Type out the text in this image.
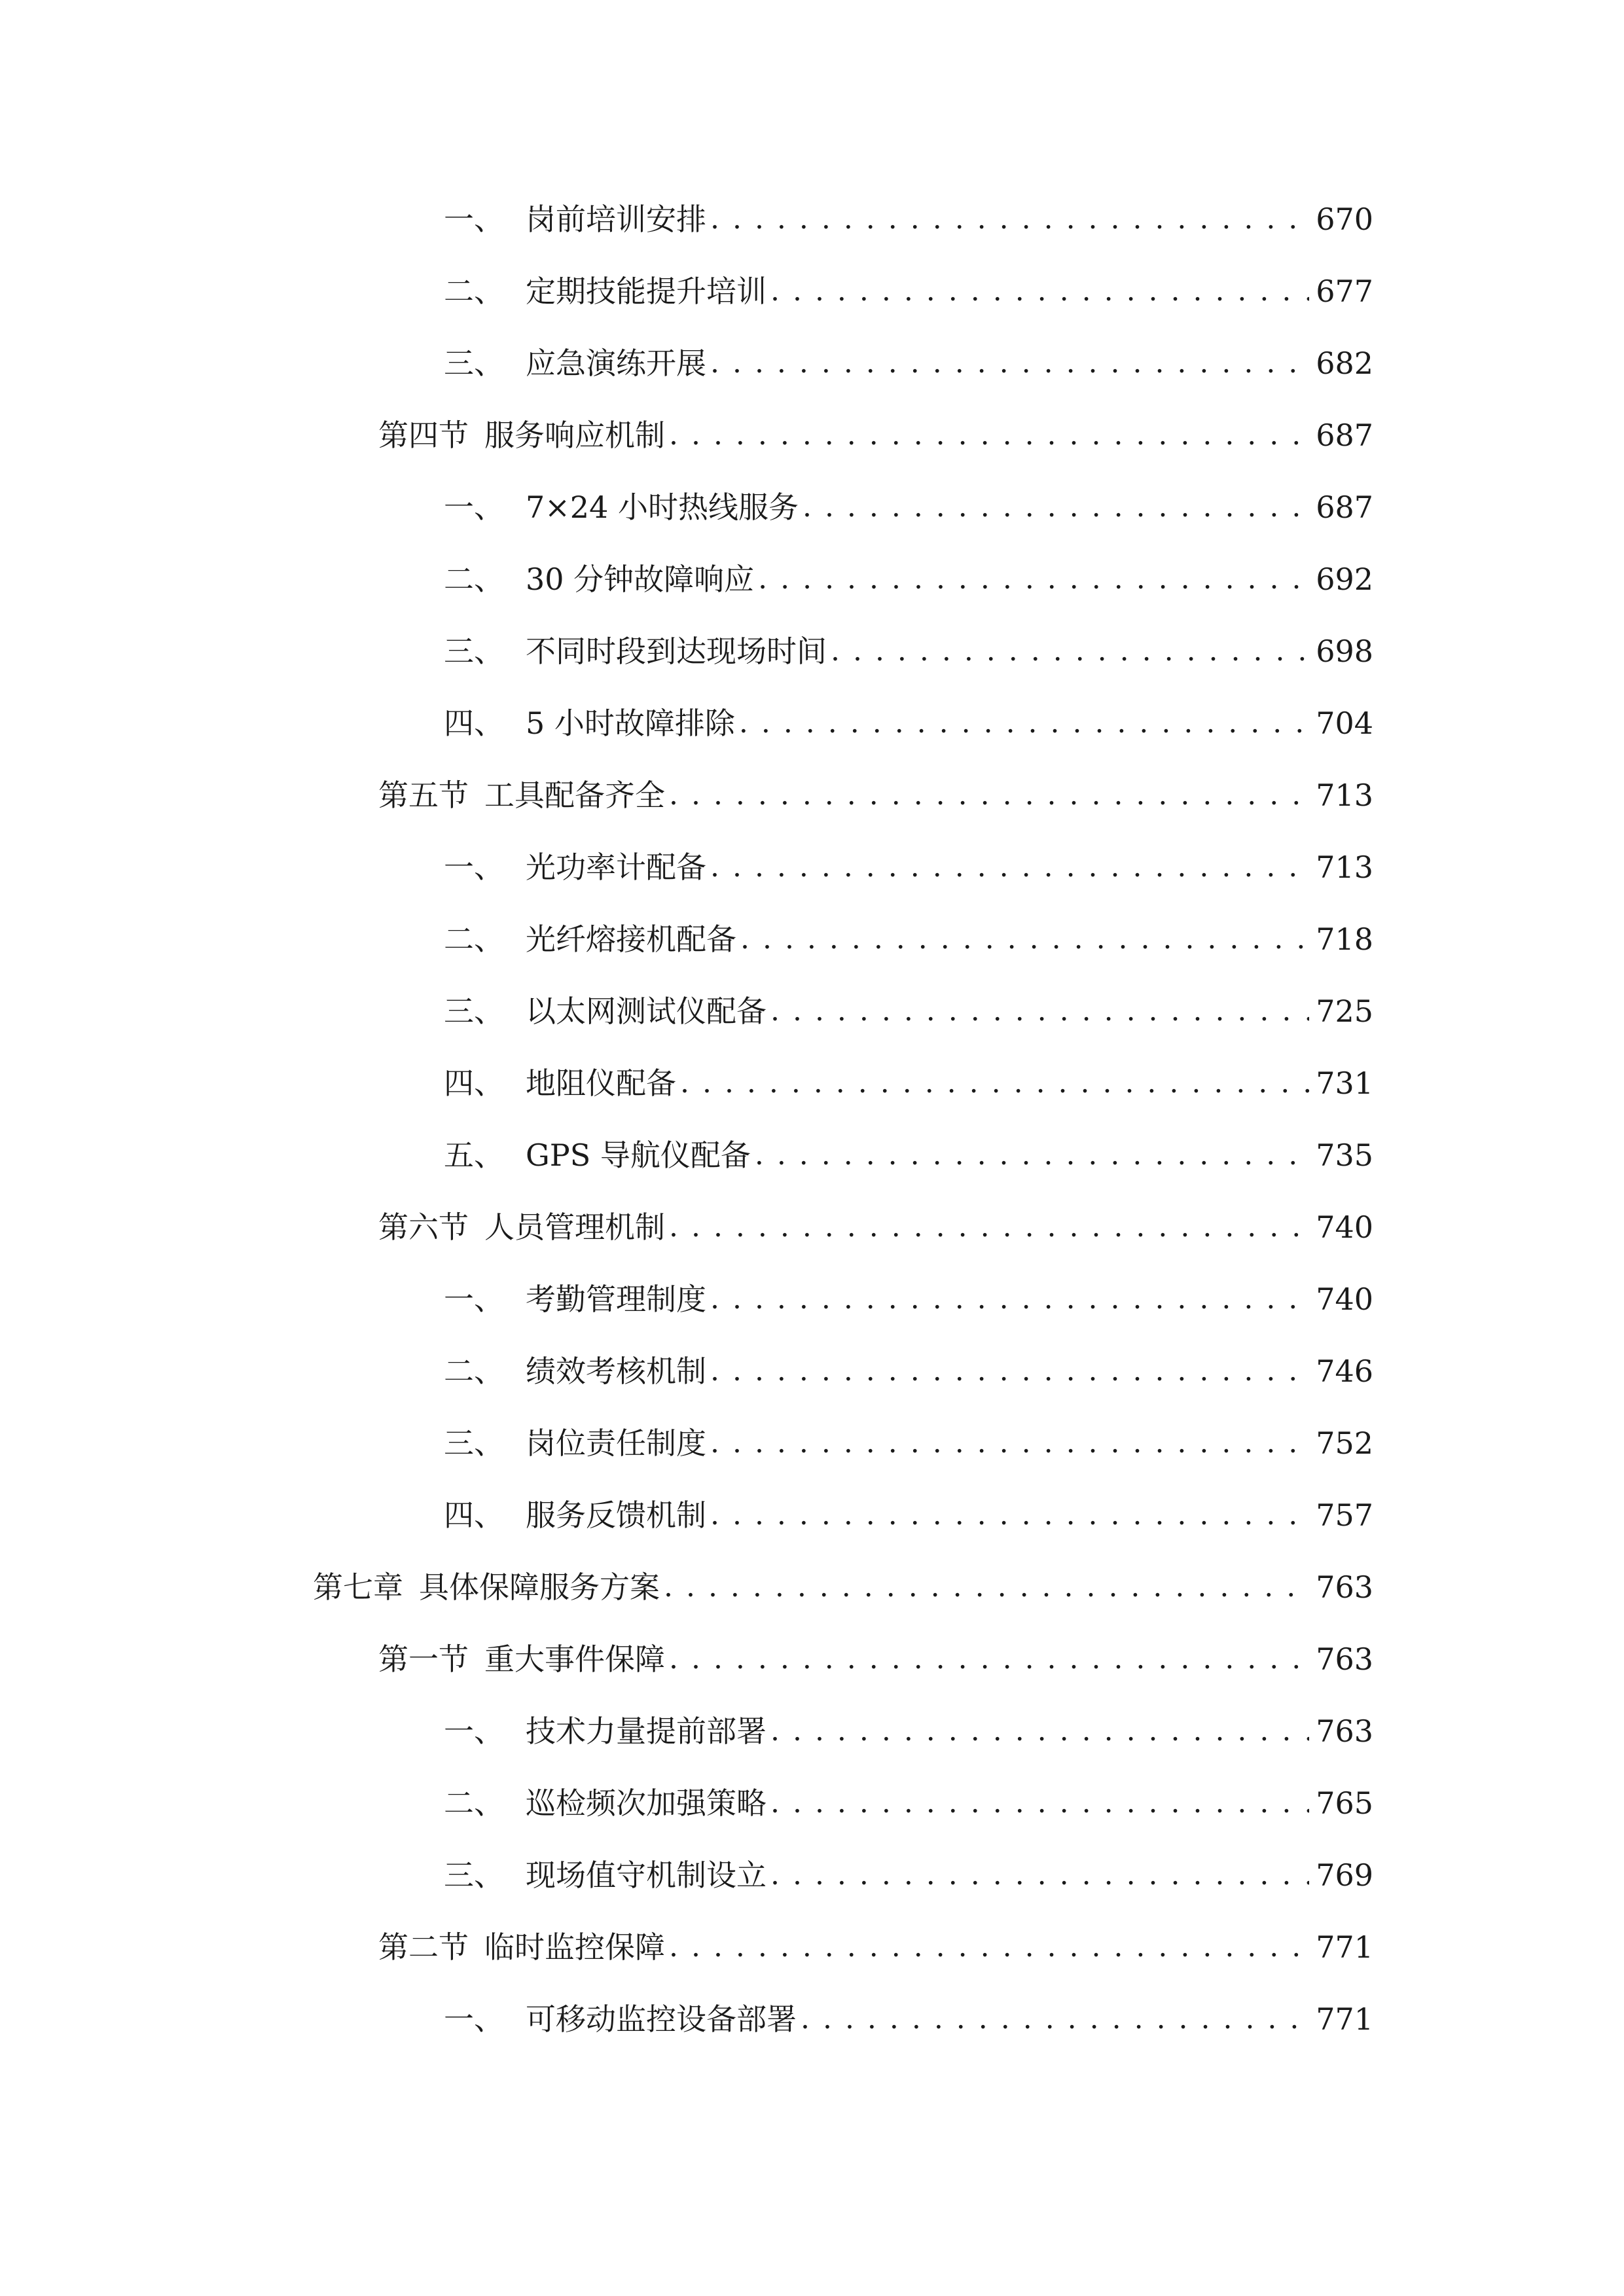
一、 岗前培训安排 . . .	670
二、 定期技能提升培训 . . .	677
三、 应急演练开展 . . .	682
第四节 服务响应机制 . . .	687
一、 7×24 小时热线服务 . . .	687
二、 30 分钟故障响应 . . .	692
三、 不同时段到达现场时间 . . .	698
四、 5 小时故障排除 . . .	704
第五节 工具配备齐全 . . .	713
一、 光功率计配备 . . .	713
二、 光纤熔接机配备 . . .	718
三、 以太网测试仪配备 . . .	725
四、 地阻仪配备 . . .	731
五、 GPS 导航仪配备 . . .	735
第六节 人员管理机制 . . .	740
一、 考勤管理制度 . . .	740
二、 绩效考核机制 . . .	746
三、 岗位责任制度 . . .	752
四、 服务反馈机制 . . .	757
第七章 具体保障服务方案 . . .	763
第一节 重大事件保障 . . .	763
一、 技术力量提前部署 . . .	763
二、 巡检频次加强策略 . . .	765
三、 现场值守机制设立 . . .	769
第二节 临时监控保障 . . .	771
一、 可移动监控设备部署 . . .	771
